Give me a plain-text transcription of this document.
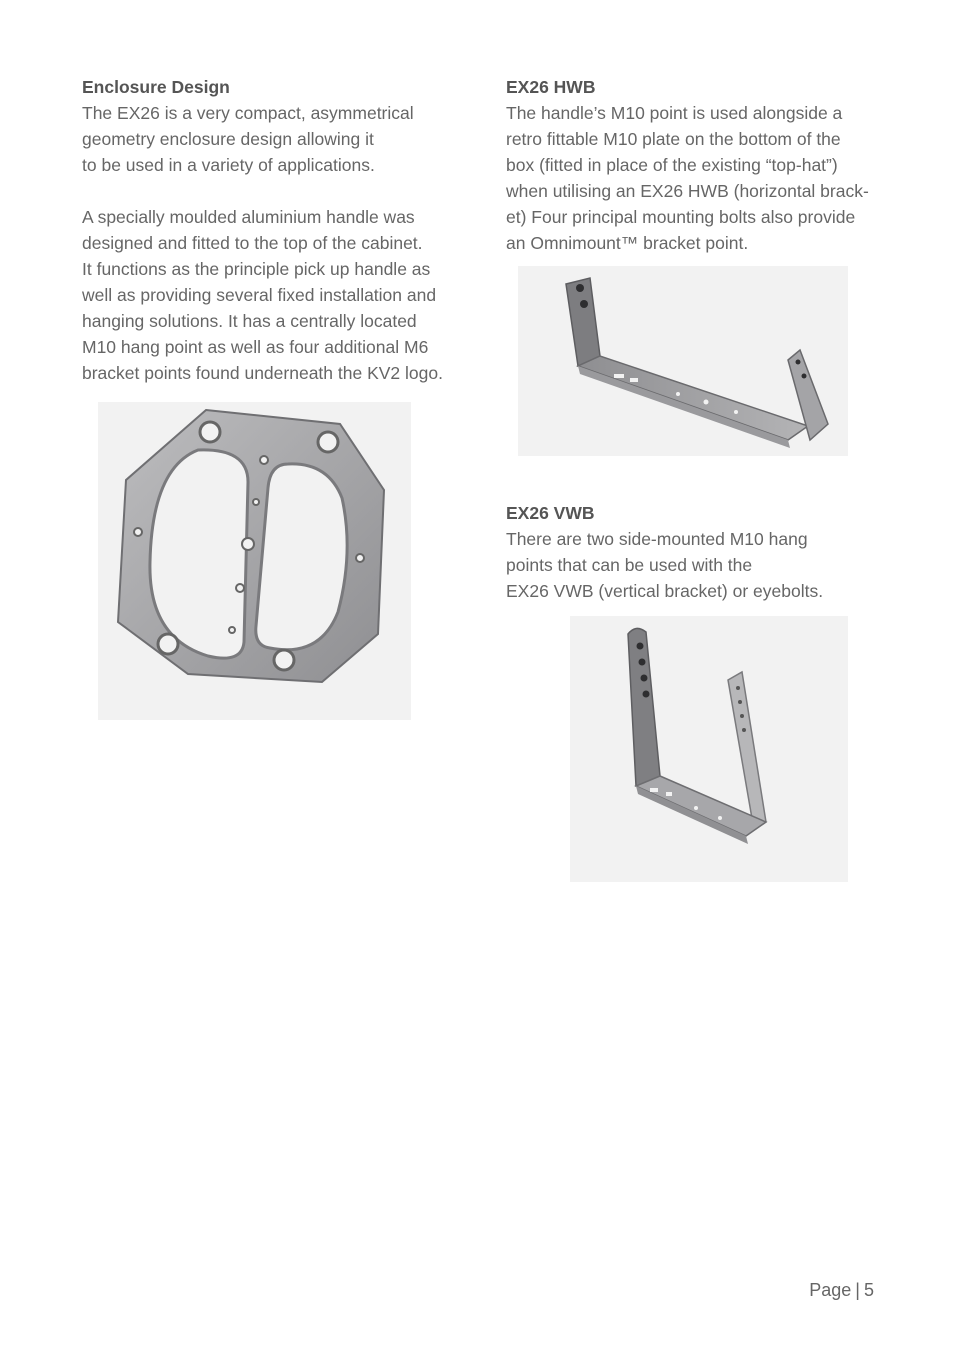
Enclosure Design

The EX26 is a very compact, asymmetrical
geometry enclosure design allowing it
to be used in a variety of applications.

A specially moulded aluminium handle was
designed and fitted to the top of the cabinet.
It functions as the principle pick up handle as
well as providing several fixed installation and
hanging solutions. It has a centrally located
M10 hang point as well as four additional M6
bracket points found underneath the KV2 logo.

EX26 HWB

The handle’s M10 point is used alongside a
retro fittable M10 plate on the bottom of the
box (fitted in place of the existing “top-hat”)
when utilising an EX26 HWB (horizontal brack-
et) Four principal mounting bolts also provide
an Omnimount™ bracket point.

EX26 VWB

There are two side-mounted M10 hang
points that can be used with the
EX26 VWB (vertical bracket) or eyebolts.

Page | 5
